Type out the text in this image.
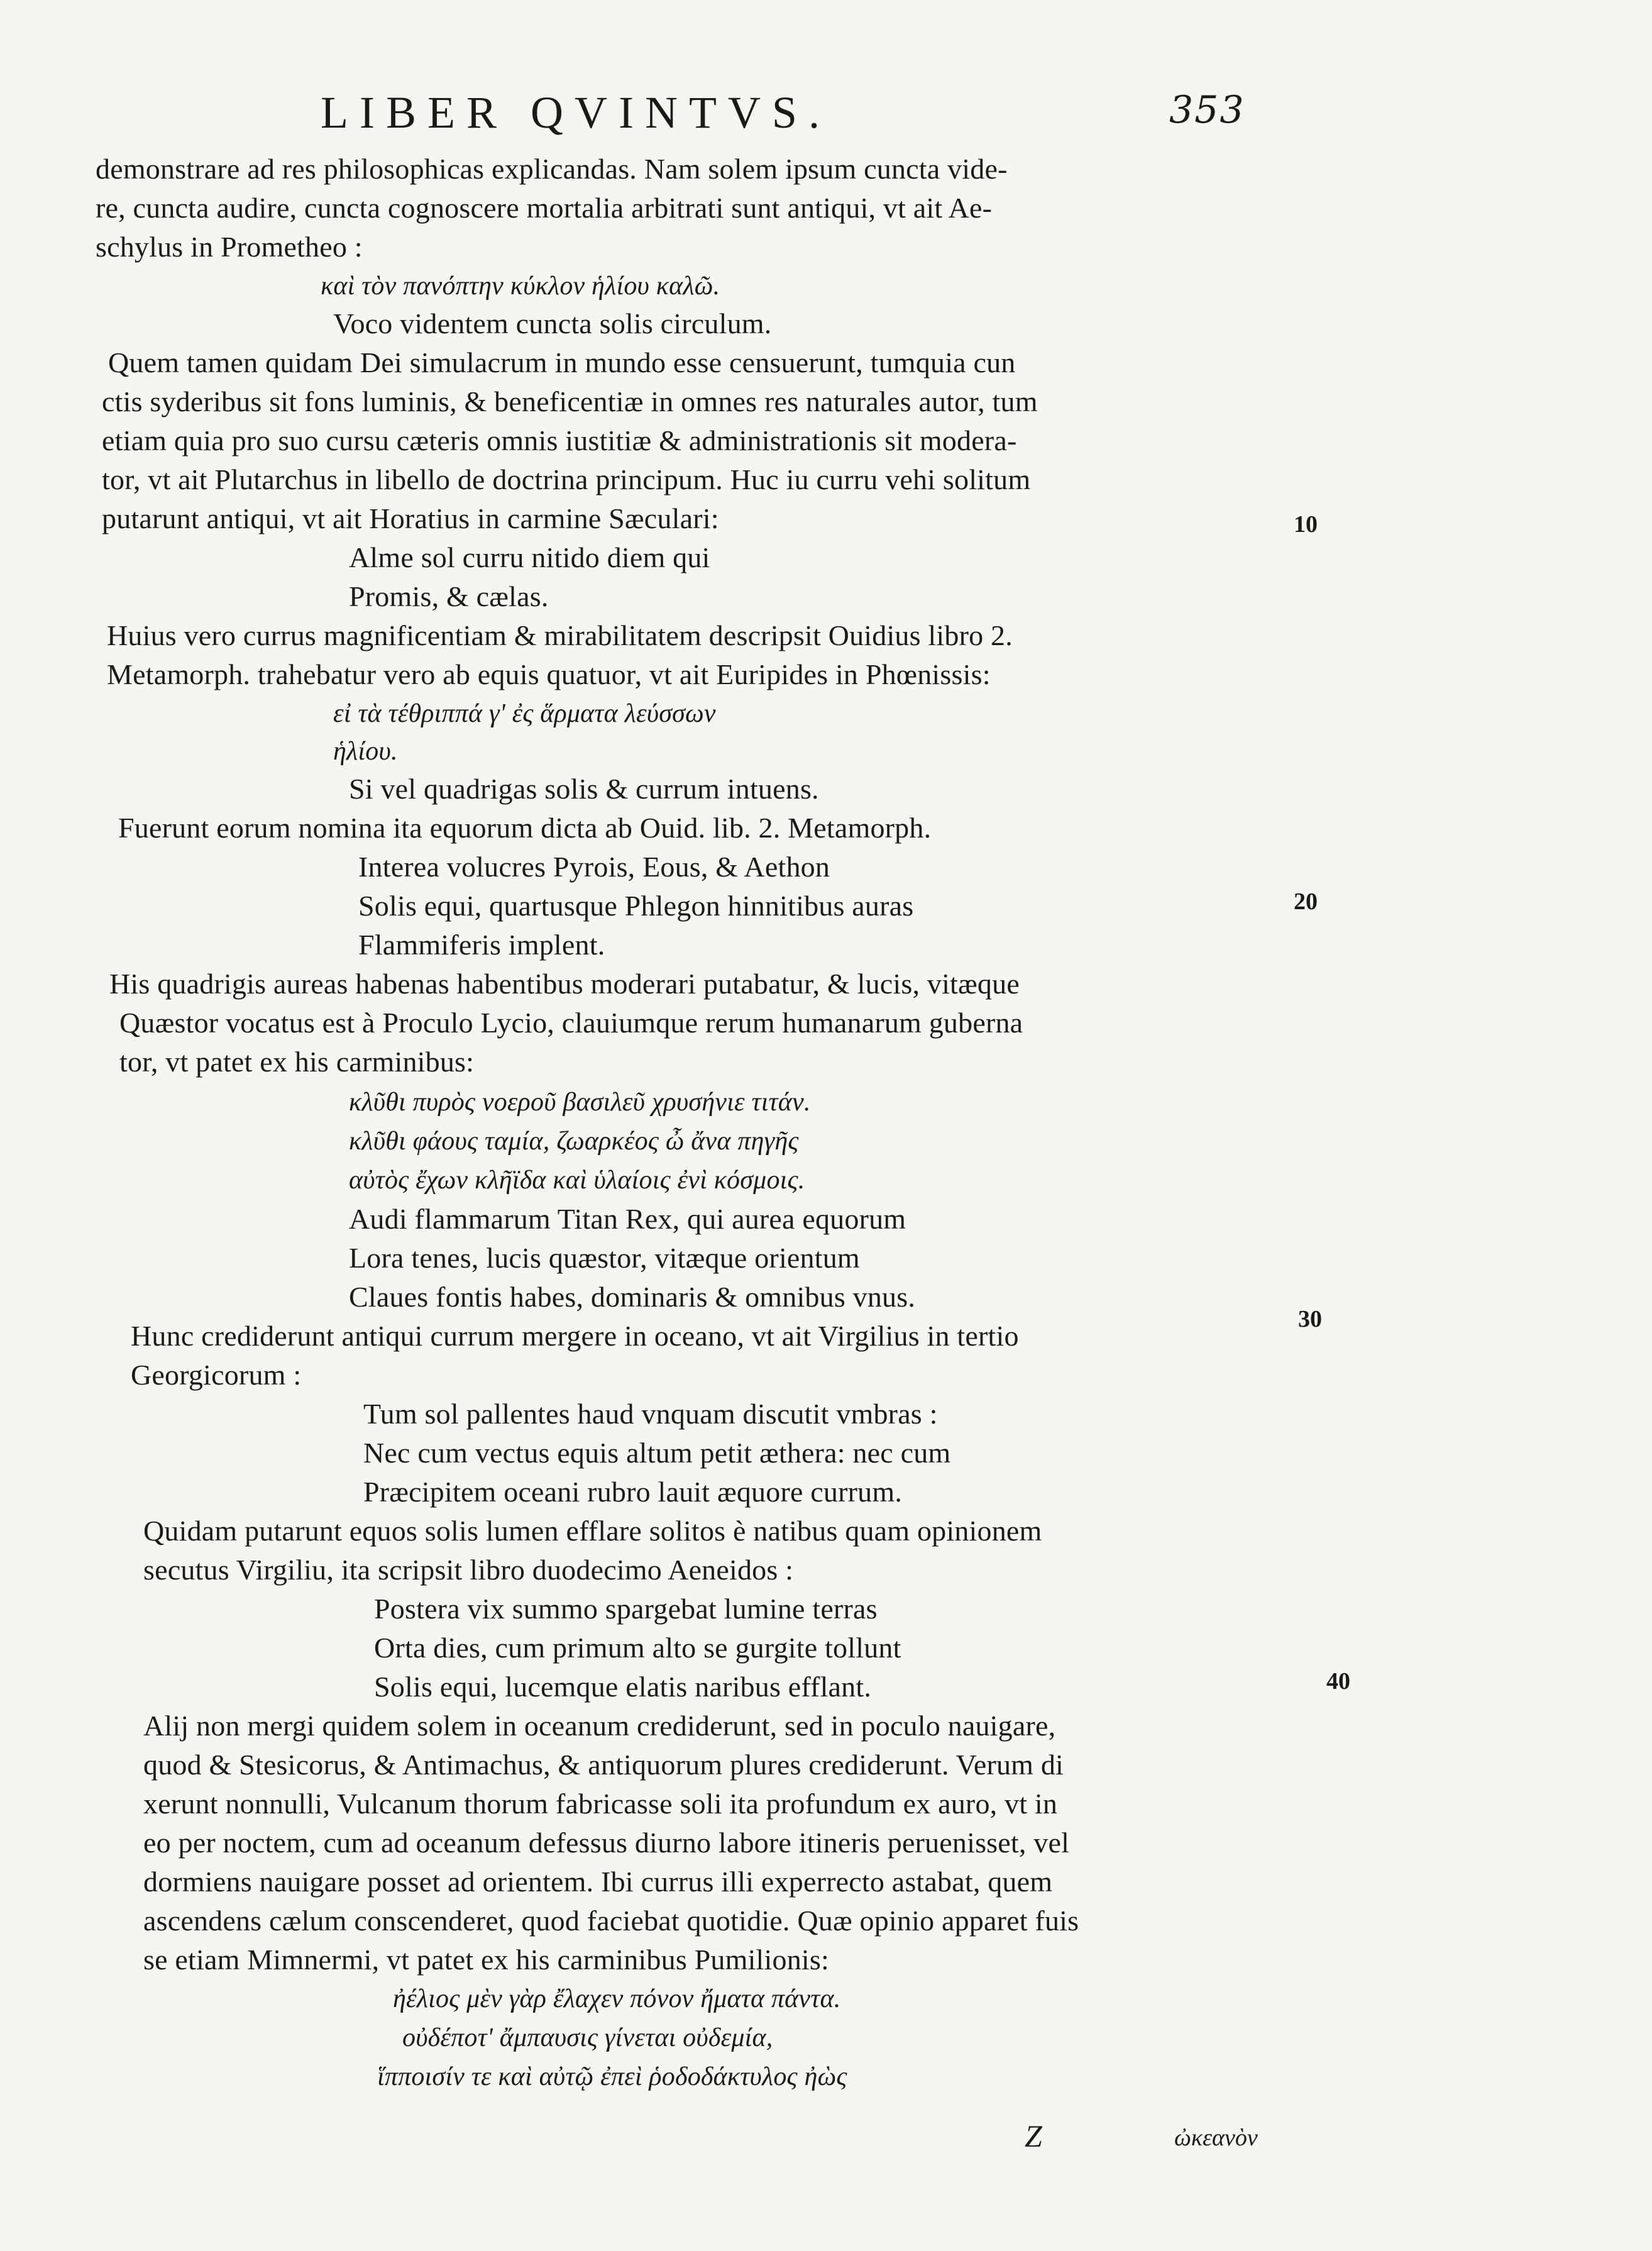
LIBER QVINTVS.	353
demonstrare ad res philosophicas explicandas. Nam solem ipsum cuncta vide-
re, cuncta audire, cuncta cognoscere mortalia arbitrati sunt antiqui, vt ait Ae-
schylus in Prometheo :
καὶ τὸν πανόπτην κύκλον ἡλίου καλῶ.
Voco videntem cuncta solis circulum.
Quem tamen quidam Dei simulacrum in mundo esse censuerunt, tumquia cun
ctis syderibus sit fons luminis, & beneficentiæ in omnes res naturales autor, tum
etiam quia pro suo cursu cæteris omnis iustitiæ & administrationis sit modera-
tor, vt ait Plutarchus in libello de doctrina principum. Huc iu curru vehi solitum
putarunt antiqui, vt ait Horatius in carmine Sæculari:	10
Alme sol curru nitido diem qui
Promis, & cælas.
Huius vero currus magnificentiam & mirabilitatem descripsit Ouidius libro 2.
Metamorph. trahebatur vero ab equis quatuor, vt ait Euripides in Phœnissis:
εἰ τὰ τέθριππά γ' ἐς ἅρματα λεύσσων
ἡλίου.
Si vel quadrigas solis & currum intuens.
Fuerunt eorum nomina ita equorum dicta ab Ouid. lib. 2. Metamorph.
Interea volucres Pyrois, Eous, & Aethon
Solis equi, quartusque Phlegon hinnitibus auras
Flammiferis implent.
20
His quadrigis aureas habenas habentibus moderari putabatur, & lucis, vitæque
Quæstor vocatus est à Proculo Lycio, clauiumque rerum humanarum guberna
tor, vt patet ex his carminibus:
κλῦθι πυρὸς νοεροῦ βασιλεῦ χρυσήνιε τιτάν.
κλῦθι φάους ταμία, ζωαρκέος ὦ ἄνα πηγῆς
αὐτὸς ἔχων κλῆϊδα καὶ ὑλαίοις ἐνὶ κόσμοις.
Audi flammarum Titan Rex, qui aurea equorum
Lora tenes, lucis quæstor, vitæque orientum
Claues fontis habes, dominaris & omnibus vnus.
Hunc crediderunt antiqui currum mergere in oceano, vt ait Virgilius in tertio
Georgicorum :
30
Tum sol pallentes haud vnquam discutit vmbras :
Nec cum vectus equis altum petit æthera: nec cum
Præcipitem oceani rubro lauit æquore currum.
Quidam putarunt equos solis lumen efflare solitos è natibus quam opinionem
secutus Virgiliu, ita scripsit libro duodecimo Aeneidos :
Postera vix summo spargebat lumine terras
Orta dies, cum primum alto se gurgite tollunt
Solis equi, lucemque elatis naribus efflant.	40
Alij non mergi quidem solem in oceanum crediderunt, sed in poculo nauigare,
quod & Stesicorus, & Antimachus, & antiquorum plures crediderunt. Verum di
xerunt nonnulli, Vulcanum thorum fabricasse soli ita profundum ex auro, vt in
eo per noctem, cum ad oceanum defessus diurno labore itineris peruenisset, vel
dormiens nauigare posset ad orientem. Ibi currus illi experrecto astabat, quem
ascendens cælum conscenderet, quod faciebat quotidie. Quæ opinio apparet fuis
se etiam Mimnermi, vt patet ex his carminibus Pumilionis:
ἠέλιος μὲν γὰρ ἔλαχεν πόνον ἤματα πάντα.
οὐδέποτ' ἄμπαυσις γίνεται οὐδεμία,
ἵπποισίν τε καὶ αὐτῷ ἐπεὶ ῥοδοδάκτυλος ἠὼς
Z	ὠκεανὸν
